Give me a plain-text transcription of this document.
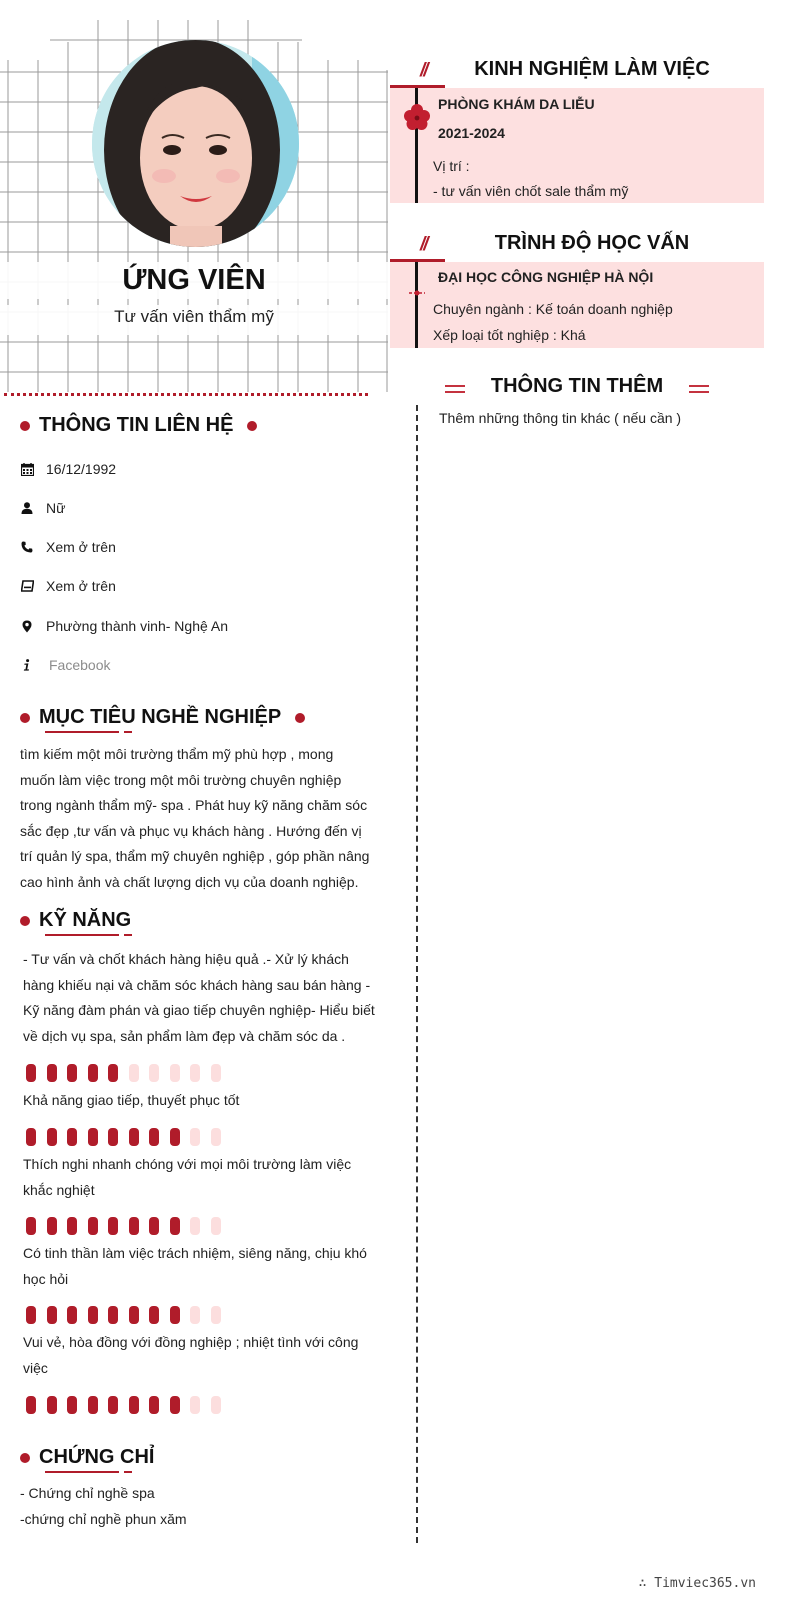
ỨNG VIÊN
Tư vấn viên thẩm mỹ
THÔNG TIN LIÊN HỆ
16/12/1992
Nữ
Xem ở trên
Xem ở trên
Phường thành vinh- Nghệ An
Facebook
MỤC TIÊU NGHỀ NGHIỆP
tìm kiếm một môi trường thẩm mỹ phù hợp , mong
muốn làm việc trong một môi trường chuyên nghiệp
trong ngành thẩm mỹ- spa . Phát huy kỹ năng chăm sóc
sắc đẹp ,tư vấn và phục vụ khách hàng . Hướng đến vị
trí quản lý spa, thẩm mỹ chuyên nghiệp , góp phần nâng
cao hình ảnh và chất lượng dịch vụ của doanh nghiệp.
KỸ NĂNG
- Tư vấn và chốt khách hàng hiệu quả .- Xử lý khách
hàng khiếu nại và chăm sóc khách hàng sau bán hàng -
Kỹ năng đàm phán và giao tiếp chuyên nghiệp- Hiểu biết
về dịch vụ spa, sản phẩm làm đẹp và chăm sóc da .
Khả năng giao tiếp, thuyết phục tốt
Thích nghi nhanh chóng với mọi môi trường làm việc
khắc nghiệt
Có tinh thần làm việc trách nhiệm, siêng năng, chịu khó
học hỏi
Vui vẻ, hòa đồng với đồng nghiệp ; nhiệt tình với công
việc
CHỨNG CHỈ
- Chứng chỉ nghề spa
-chứng chỉ nghề phun xăm
//	KINH NGHIỆM LÀM VIỆC
PHÒNG KHÁM DA LIỄU
2021-2024
Vị trí :
- tư vấn viên chốt sale thẩm mỹ
//	TRÌNH ĐỘ HỌC VẤN
ĐẠI HỌC CÔNG NGHIỆP HÀ NỘI
Chuyên ngành : Kế toán doanh nghiệp
Xếp loại tốt nghiệp : Khá
THÔNG TIN THÊM
Thêm những thông tin khác ( nếu cần )
∴ Timviec365.vn
